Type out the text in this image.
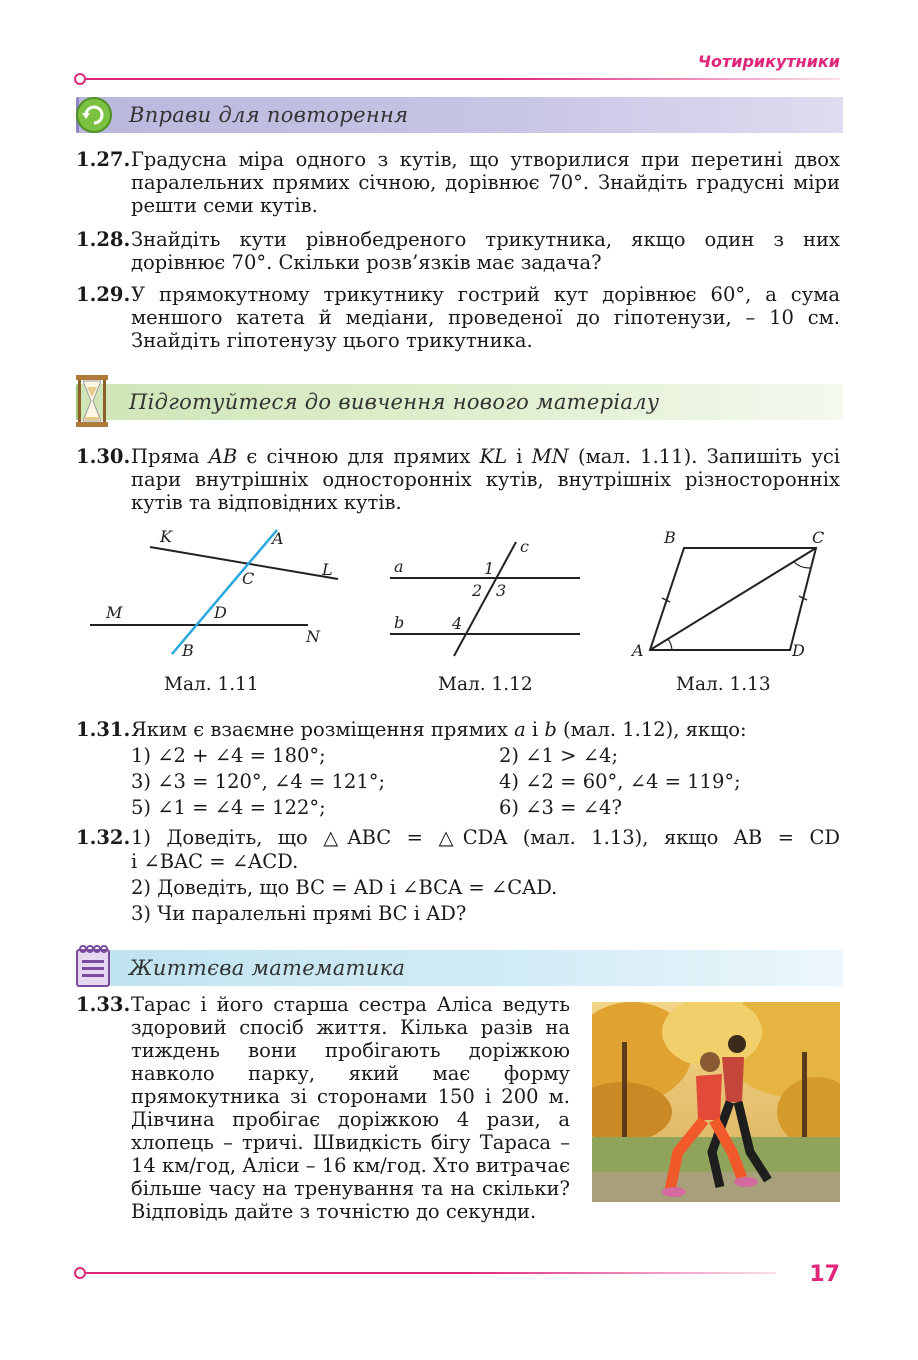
Чотирикутники
Вправи для повторення
1.27. Градусна міра одного з кутів, що утворилися при перетині двох паралельних прямих січною, дорівнює 70°. Знайдіть градусні міри решти семи кутів.
1.28. Знайдіть кути рівнобедреного трикутника, якщо один з них дорівнює 70°. Скільки розв’язків має задача?
1.29. У прямокутному трикутнику гострий кут дорівнює 60°, а сума меншого катета й медіани, проведеної до гіпотенузи, – 10 см. Знайдіть гіпотенузу цього трикутника.
Підготуйтеся до вивчення нового матеріалу
1.30. Пряма AB є січною для прямих KL і MN (мал. 1.11). Запишіть усі пари внутрішніх односторонніх кутів, внутрішніх різносторонніх кутів та відповідних кутів.
K	A
L
C
M	D
N
B
Мал. 1.11
a
b
c
1
2 3
4
Мал. 1.12
B	C
A	D
Мал. 1.13
1.31. Яким є взаємне розміщення прямих a і b (мал. 1.12), якщо:
1) ∠2 + ∠4 = 180°;	2) ∠1 > ∠4;
3) ∠3 = 120°, ∠4 = 121°;	4) ∠2 = 60°, ∠4 = 119°;
5) ∠1 = ∠4 = 122°;	6) ∠3 = ∠4?
1.32. 1) Доведіть, що △ABC = △CDA (мал. 1.13), якщо AB = CD
і ∠BAC = ∠ACD.
2) Доведіть, що BC = AD і ∠BCA = ∠CAD.
3) Чи паралельні прямі BC і AD?
Життєва математика
1.33. Тарас і його старша сестра Аліса ведуть здоровий спосіб життя. Кілька разів на тиждень вони пробігають доріжкою навколо парку, який має форму прямокутника зі сторонами 150 і 200 м. Дівчина пробігає доріжкою 4 рази, а хлопець – тричі. Швидкість бігу Тараса – 14 км/год, Аліси – 16 км/год. Хто витрачає більше часу на тренування та на скільки? Відповідь дайте з точністю до секунди.
17
